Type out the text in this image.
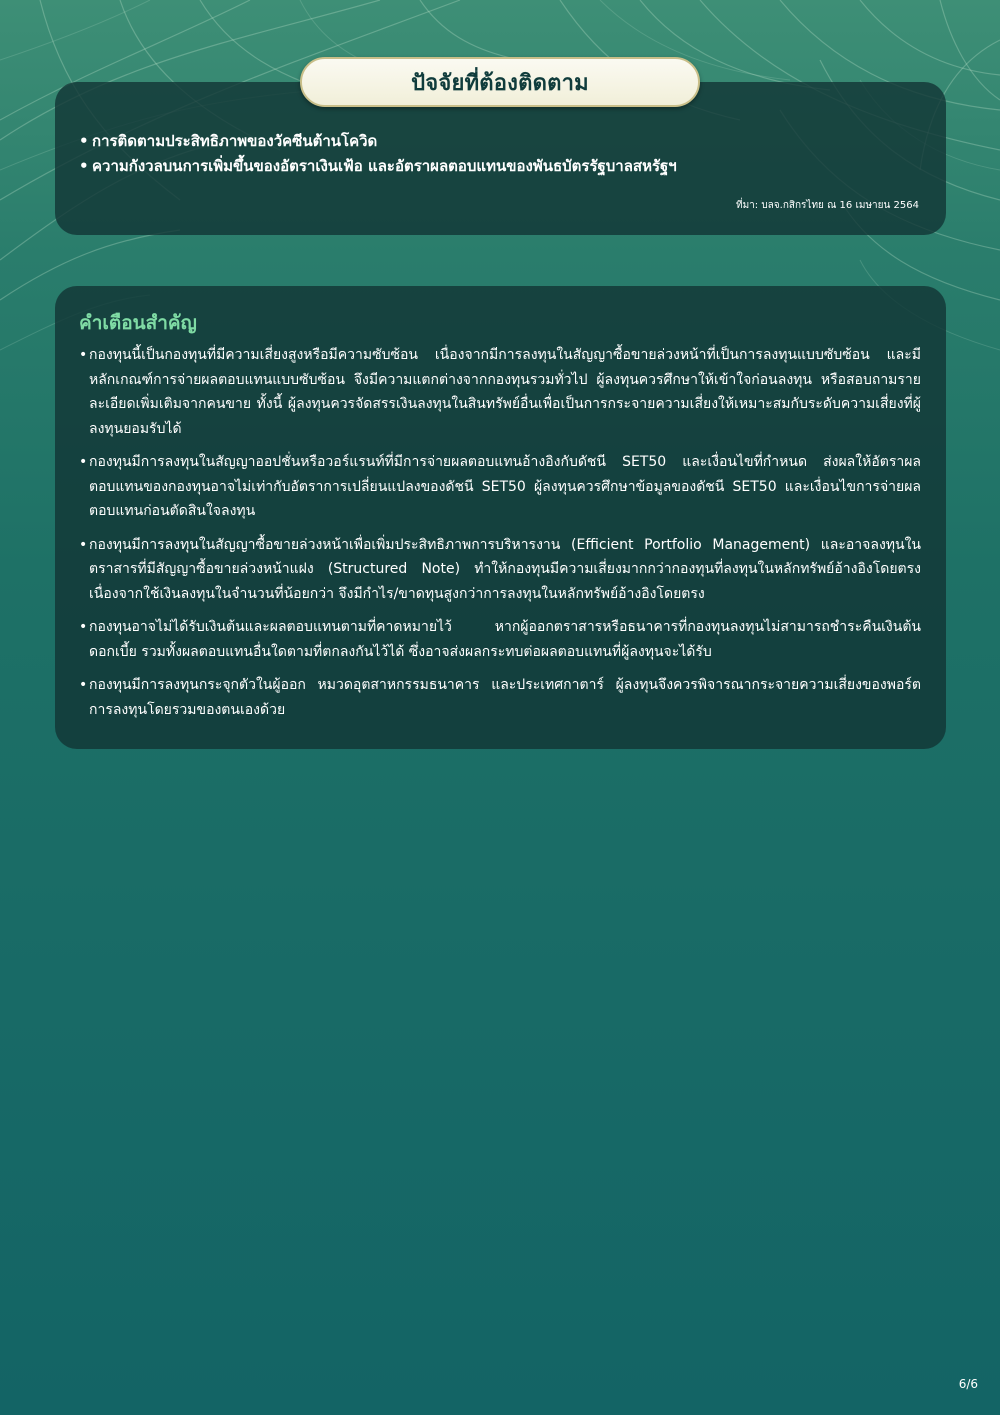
• การติดตามประสิทธิภาพของวัคซีนต้านโควิด
• ความกังวลบนการเพิ่มขึ้นของอัตราเงินเฟ้อ และอัตราผลตอบแทนของพันธบัตรรัฐบาลสหรัฐฯ
ที่มา: บลจ.กสิกรไทย ณ 16 เมษายน 2564
ปัจจัยที่ต้องติดตาม
คำเตือนสำคัญ
• กองทุนนี้เป็นกองทุนที่มีความเสี่ยงสูงหรือมีความซับซ้อน เนื่องจากมีการลงทุนในสัญญาซื้อขายล่วงหน้าที่เป็นการลงทุนแบบซับซ้อน และมีหลักเกณฑ์การจ่ายผลตอบแทนแบบซับซ้อน จึงมีความแตกต่างจากกองทุนรวมทั่วไป ผู้ลงทุนควรศึกษาให้เข้าใจก่อนลงทุน หรือสอบถามรายละเอียดเพิ่มเติมจากคนขาย ทั้งนี้ ผู้ลงทุนควรจัดสรรเงินลงทุนในสินทรัพย์อื่นเพื่อเป็นการกระจายความเสี่ยงให้เหมาะสมกับระดับความเสี่ยงที่ผู้ลงทุนยอมรับได้
• กองทุนมีการลงทุนในสัญญาออปชั่นหรือวอร์แรนท์ที่มีการจ่ายผลตอบแทนอ้างอิงกับดัชนี SET50 และเงื่อนไขที่กำหนด ส่งผลให้อัตราผลตอบแทนของกองทุนอาจไม่เท่ากับอัตราการเปลี่ยนแปลงของดัชนี SET50 ผู้ลงทุนควรศึกษาข้อมูลของดัชนี SET50 และเงื่อนไขการจ่ายผลตอบแทนก่อนตัดสินใจลงทุน
• กองทุนมีการลงทุนในสัญญาซื้อขายล่วงหน้าเพื่อเพิ่มประสิทธิภาพการบริหารงาน (Efficient Portfolio Management) และอาจลงทุนในตราสารที่มีสัญญาซื้อขายล่วงหน้าแฝง (Structured Note) ทำให้กองทุนมีความเสี่ยงมากกว่ากองทุนที่ลงทุนในหลักทรัพย์อ้างอิงโดยตรง เนื่องจากใช้เงินลงทุนในจำนวนที่น้อยกว่า จึงมีกำไร/ขาดทุนสูงกว่าการลงทุนในหลักทรัพย์อ้างอิงโดยตรง
• กองทุนอาจไม่ได้รับเงินต้นและผลตอบแทนตามที่คาดหมายไว้ หากผู้ออกตราสารหรือธนาคารที่กองทุนลงทุนไม่สามารถชำระคืนเงินต้นดอกเบี้ย รวมทั้งผลตอบแทนอื่นใดตามที่ตกลงกันไว้ได้ ซึ่งอาจส่งผลกระทบต่อผลตอบแทนที่ผู้ลงทุนจะได้รับ
• กองทุนมีการลงทุนกระจุกตัวในผู้ออก หมวดอุตสาหกรรมธนาคาร และประเทศกาตาร์ ผู้ลงทุนจึงควรพิจารณากระจายความเสี่ยงของพอร์ตการลงทุนโดยรวมของตนเองด้วย
6/6
